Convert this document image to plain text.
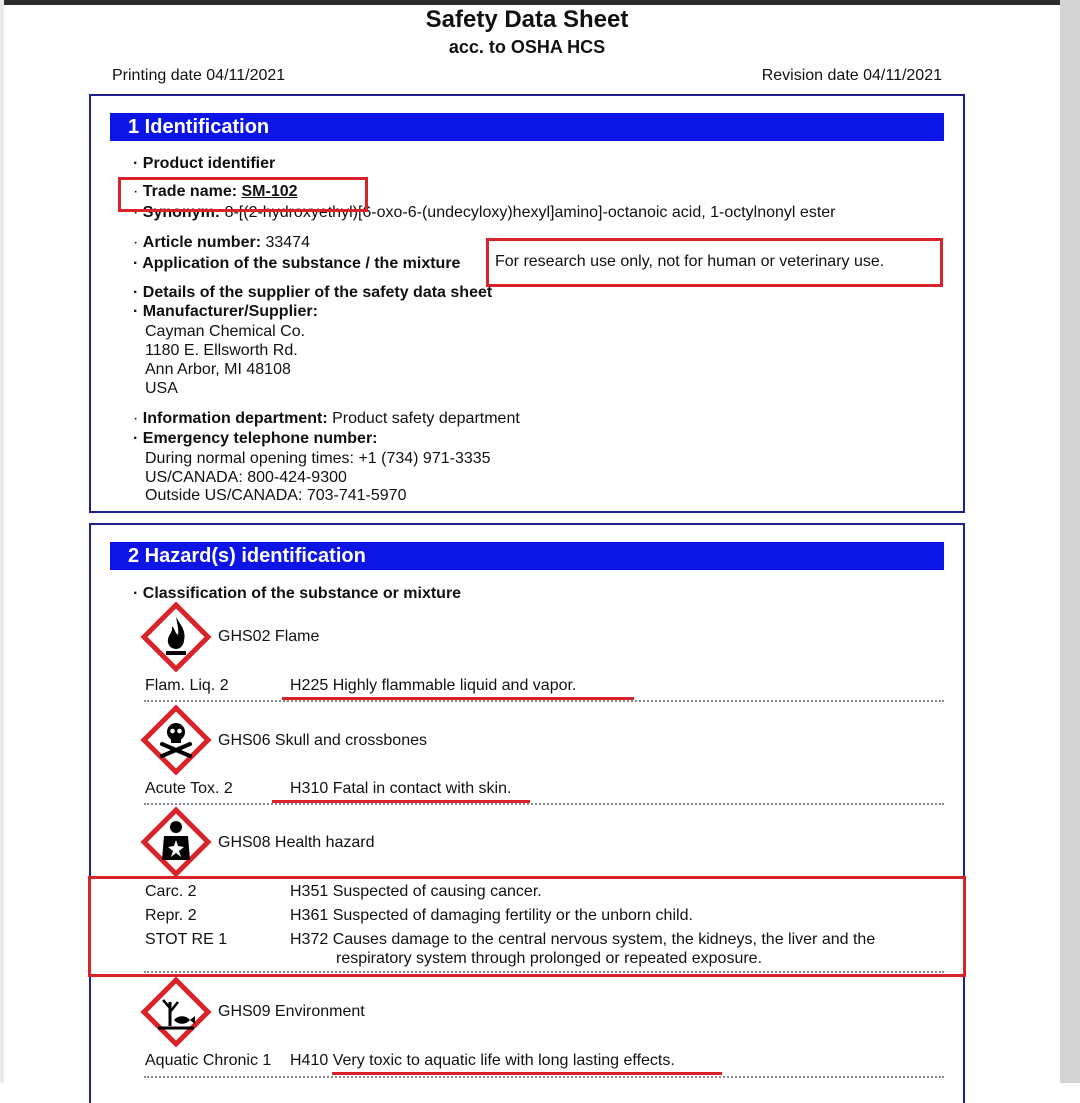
Safety Data Sheet
acc. to OSHA HCS
Printing date 04/11/2021	Revision date 04/11/2021
1 Identification
· Product identifier
· Synonym: 8-[(2-hydroxyethyl)[6-oxo-6-(undecyloxy)hexyl]amino]-octanoic acid, 1-octylnonyl ester
· Trade name: SM-102
· Article number: 33474
· Application of the substance / the mixture	For research use only, not for human or veterinary use.
· Details of the supplier of the safety data sheet
· Manufacturer/Supplier:
Cayman Chemical Co.
1180 E. Ellsworth Rd.
Ann Arbor, MI 48108
USA
· Information department: Product safety department
· Emergency telephone number:
During normal opening times: +1 (734) 971-3335
US/CANADA: 800-424-9300
Outside US/CANADA: 703-741-5970
2 Hazard(s) identification
· Classification of the substance or mixture
GHS02 Flame
Flam. Liq. 2	H225 Highly flammable liquid and vapor.
GHS06 Skull and crossbones
Acute Tox. 2	H310 Fatal in contact with skin.
GHS08 Health hazard
Carc. 2	H351 Suspected of causing cancer.
Repr. 2	H361 Suspected of damaging fertility or the unborn child.
STOT RE 1	H372 Causes damage to the central nervous system, the kidneys, the liver and the
respiratory system through prolonged or repeated exposure.
GHS09 Environment
Aquatic Chronic 1 H410 Very toxic to aquatic life with long lasting effects.
